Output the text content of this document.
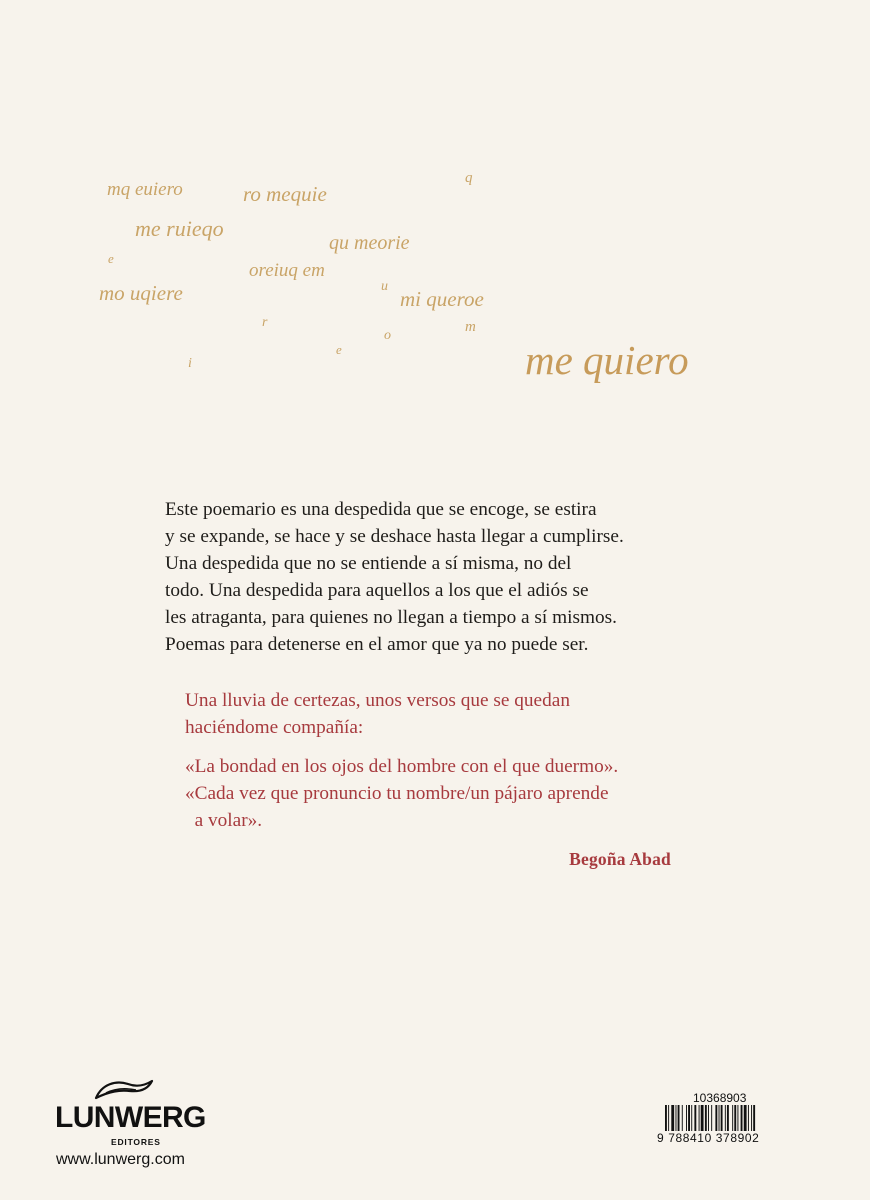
mq euiero	ro mequie
q
me ruieqo
qu meorie
e
oreiuq em
mo uqiere	u
mi queroe
r	m
o
e
i	me quiero
Este poemario es una despedida que se encoge, se estira
y se expande, se hace y se deshace hasta llegar a cumplirse.
Una despedida que no se entiende a sí misma, no del
todo. Una despedida para aquellos a los que el adiós se
les atraganta, para quienes no llegan a tiempo a sí mismos.
Poemas para detenerse en el amor que ya no puede ser.
Una lluvia de certezas, unos versos que se quedan
haciéndome compañía:
«La bondad en los ojos del hombre con el que duermo».
«Cada vez que pronuncio tu nombre/un pájaro aprende
a volar».
Begoña Abad
LUNWERG
EDITORES
www.lunwerg.com
10368903
9 788410 378902
